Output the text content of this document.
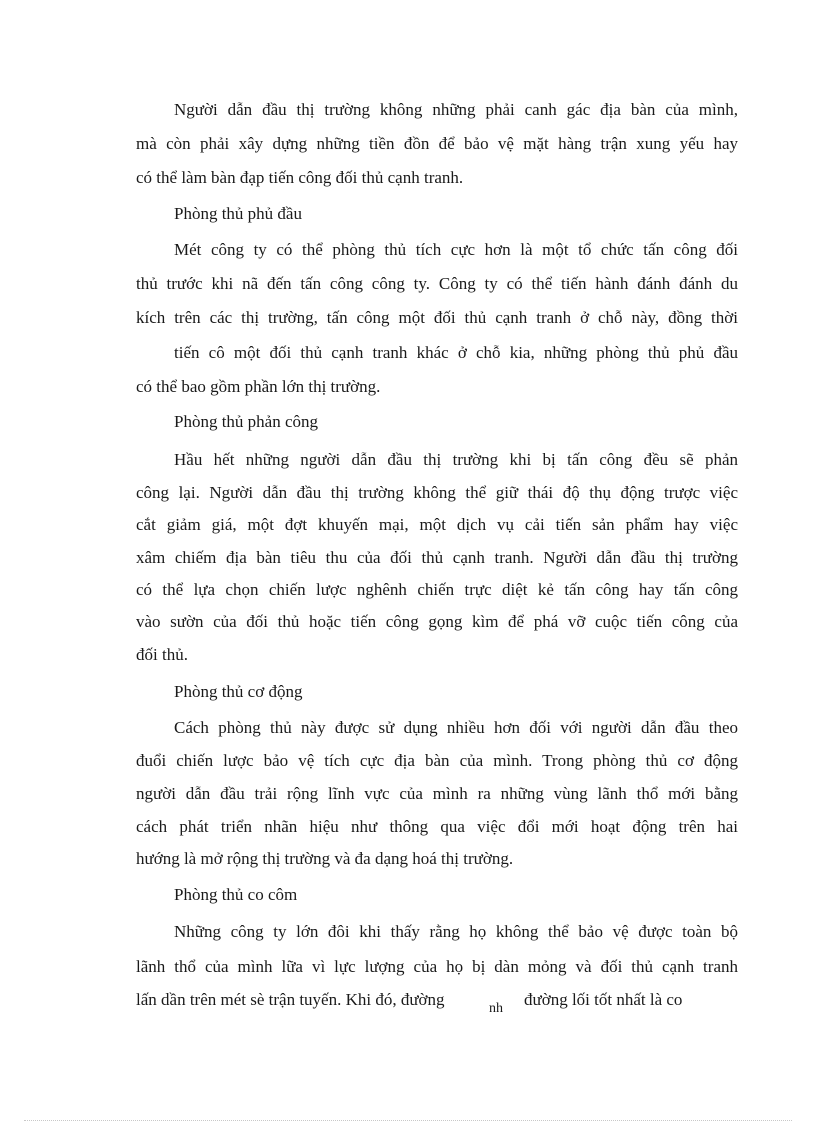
Người dẫn đầu thị trường không những phải canh gác địa bàn của mình,
mà còn phải xây dựng những tiền đồn để bảo vệ mặt hàng trận xung yếu hay
có thể làm bàn đạp tiến công đối thủ cạnh tranh.
Phòng thủ phủ đầu
Mét công ty có thể phòng thủ tích cực hơn là một tổ chức tấn công đối
thủ trước khi nã đến tấn công công ty. Công ty có thể tiến hành đánh đánh du
kích trên các thị trường, tấn công một đối thủ cạnh tranh ở chỗ này, đồng thời
tiến cô một đối thủ cạnh tranh khác ở chỗ kia, những phòng thủ phủ đầu
có thể bao gồm phần lớn thị trường.
Phòng thủ phản công
Hầu hết những người dẫn đầu thị trường khi bị tấn công đều sẽ phản
công lại. Người dẫn đầu thị trường không thể giữ thái độ thụ động trược việc
cắt giảm giá, một đợt khuyến mại, một dịch vụ cải tiến sản phẩm hay việc
xâm chiếm địa bàn tiêu thu của đối thủ cạnh tranh. Người dẫn đầu thị trường
có thể lựa chọn chiến lược nghênh chiến trực diệt kẻ tấn công hay tấn công
vào sườn của đối thủ hoặc tiến công gọng kìm để phá vỡ cuộc tiến công của
đối thủ.
Phòng thủ cơ động
Cách phòng thủ này được sử dụng nhiều hơn đối với người dẫn đầu theo
đuổi chiến lược bảo vệ tích cực địa bàn của mình. Trong phòng thủ cơ động
người dẫn đầu trải rộng lĩnh vực của mình ra những vùng lãnh thổ mới bằng
cách phát triển nhãn hiệu như thông qua việc đổi mới hoạt động trên hai
hướng là mở rộng thị trường và đa dạng hoá thị trường.
Phòng thủ co côm
Những công ty lớn đôi khi thấy rằng họ không thể bảo vệ được toàn bộ
lãnh thổ của mình lữa vì lực lượng của họ bị dàn mỏng và đối thủ cạnh tranh
lấn dần trên mét sè trận tuyến. Khi đó, đường	nh đường lối tốt nhất là co
